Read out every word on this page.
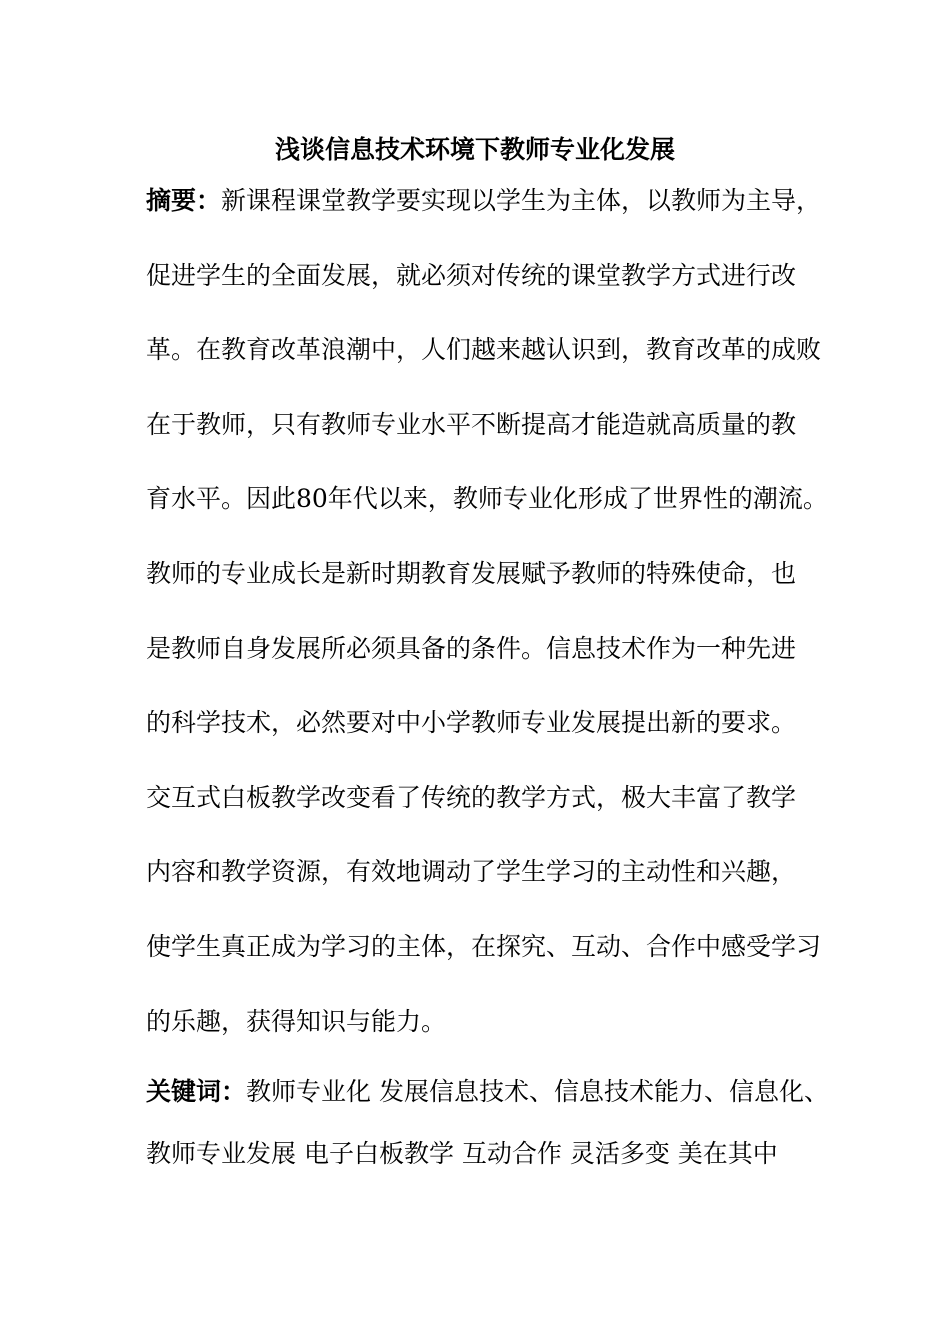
浅谈信息技术环境下教师专业化发展
摘要：新课程课堂教学要实现以学生为主体，以教师为主导，
促进学生的全面发展，就必须对传统的课堂教学方式进行改
革。在教育改革浪潮中，人们越来越认识到，教育改革的成败
在于教师，只有教师专业水平不断提高才能造就高质量的教
育水平。因此80年代以来，教师专业化形成了世界性的潮流。
教师的专业成长是新时期教育发展赋予教师的特殊使命，也
是教师自身发展所必须具备的条件。信息技术作为一种先进
的科学技术，必然要对中小学教师专业发展提出新的要求。
交互式白板教学改变看了传统的教学方式，极大丰富了教学
内容和教学资源，有效地调动了学生学习的主动性和兴趣，
使学生真正成为学习的主体，在探究、互动、合作中感受学习
的乐趣，获得知识与能力。
关键词：教师专业化 发展信息技术、信息技术能力、信息化、
教师专业发展 电子白板教学 互动合作 灵活多变 美在其中
